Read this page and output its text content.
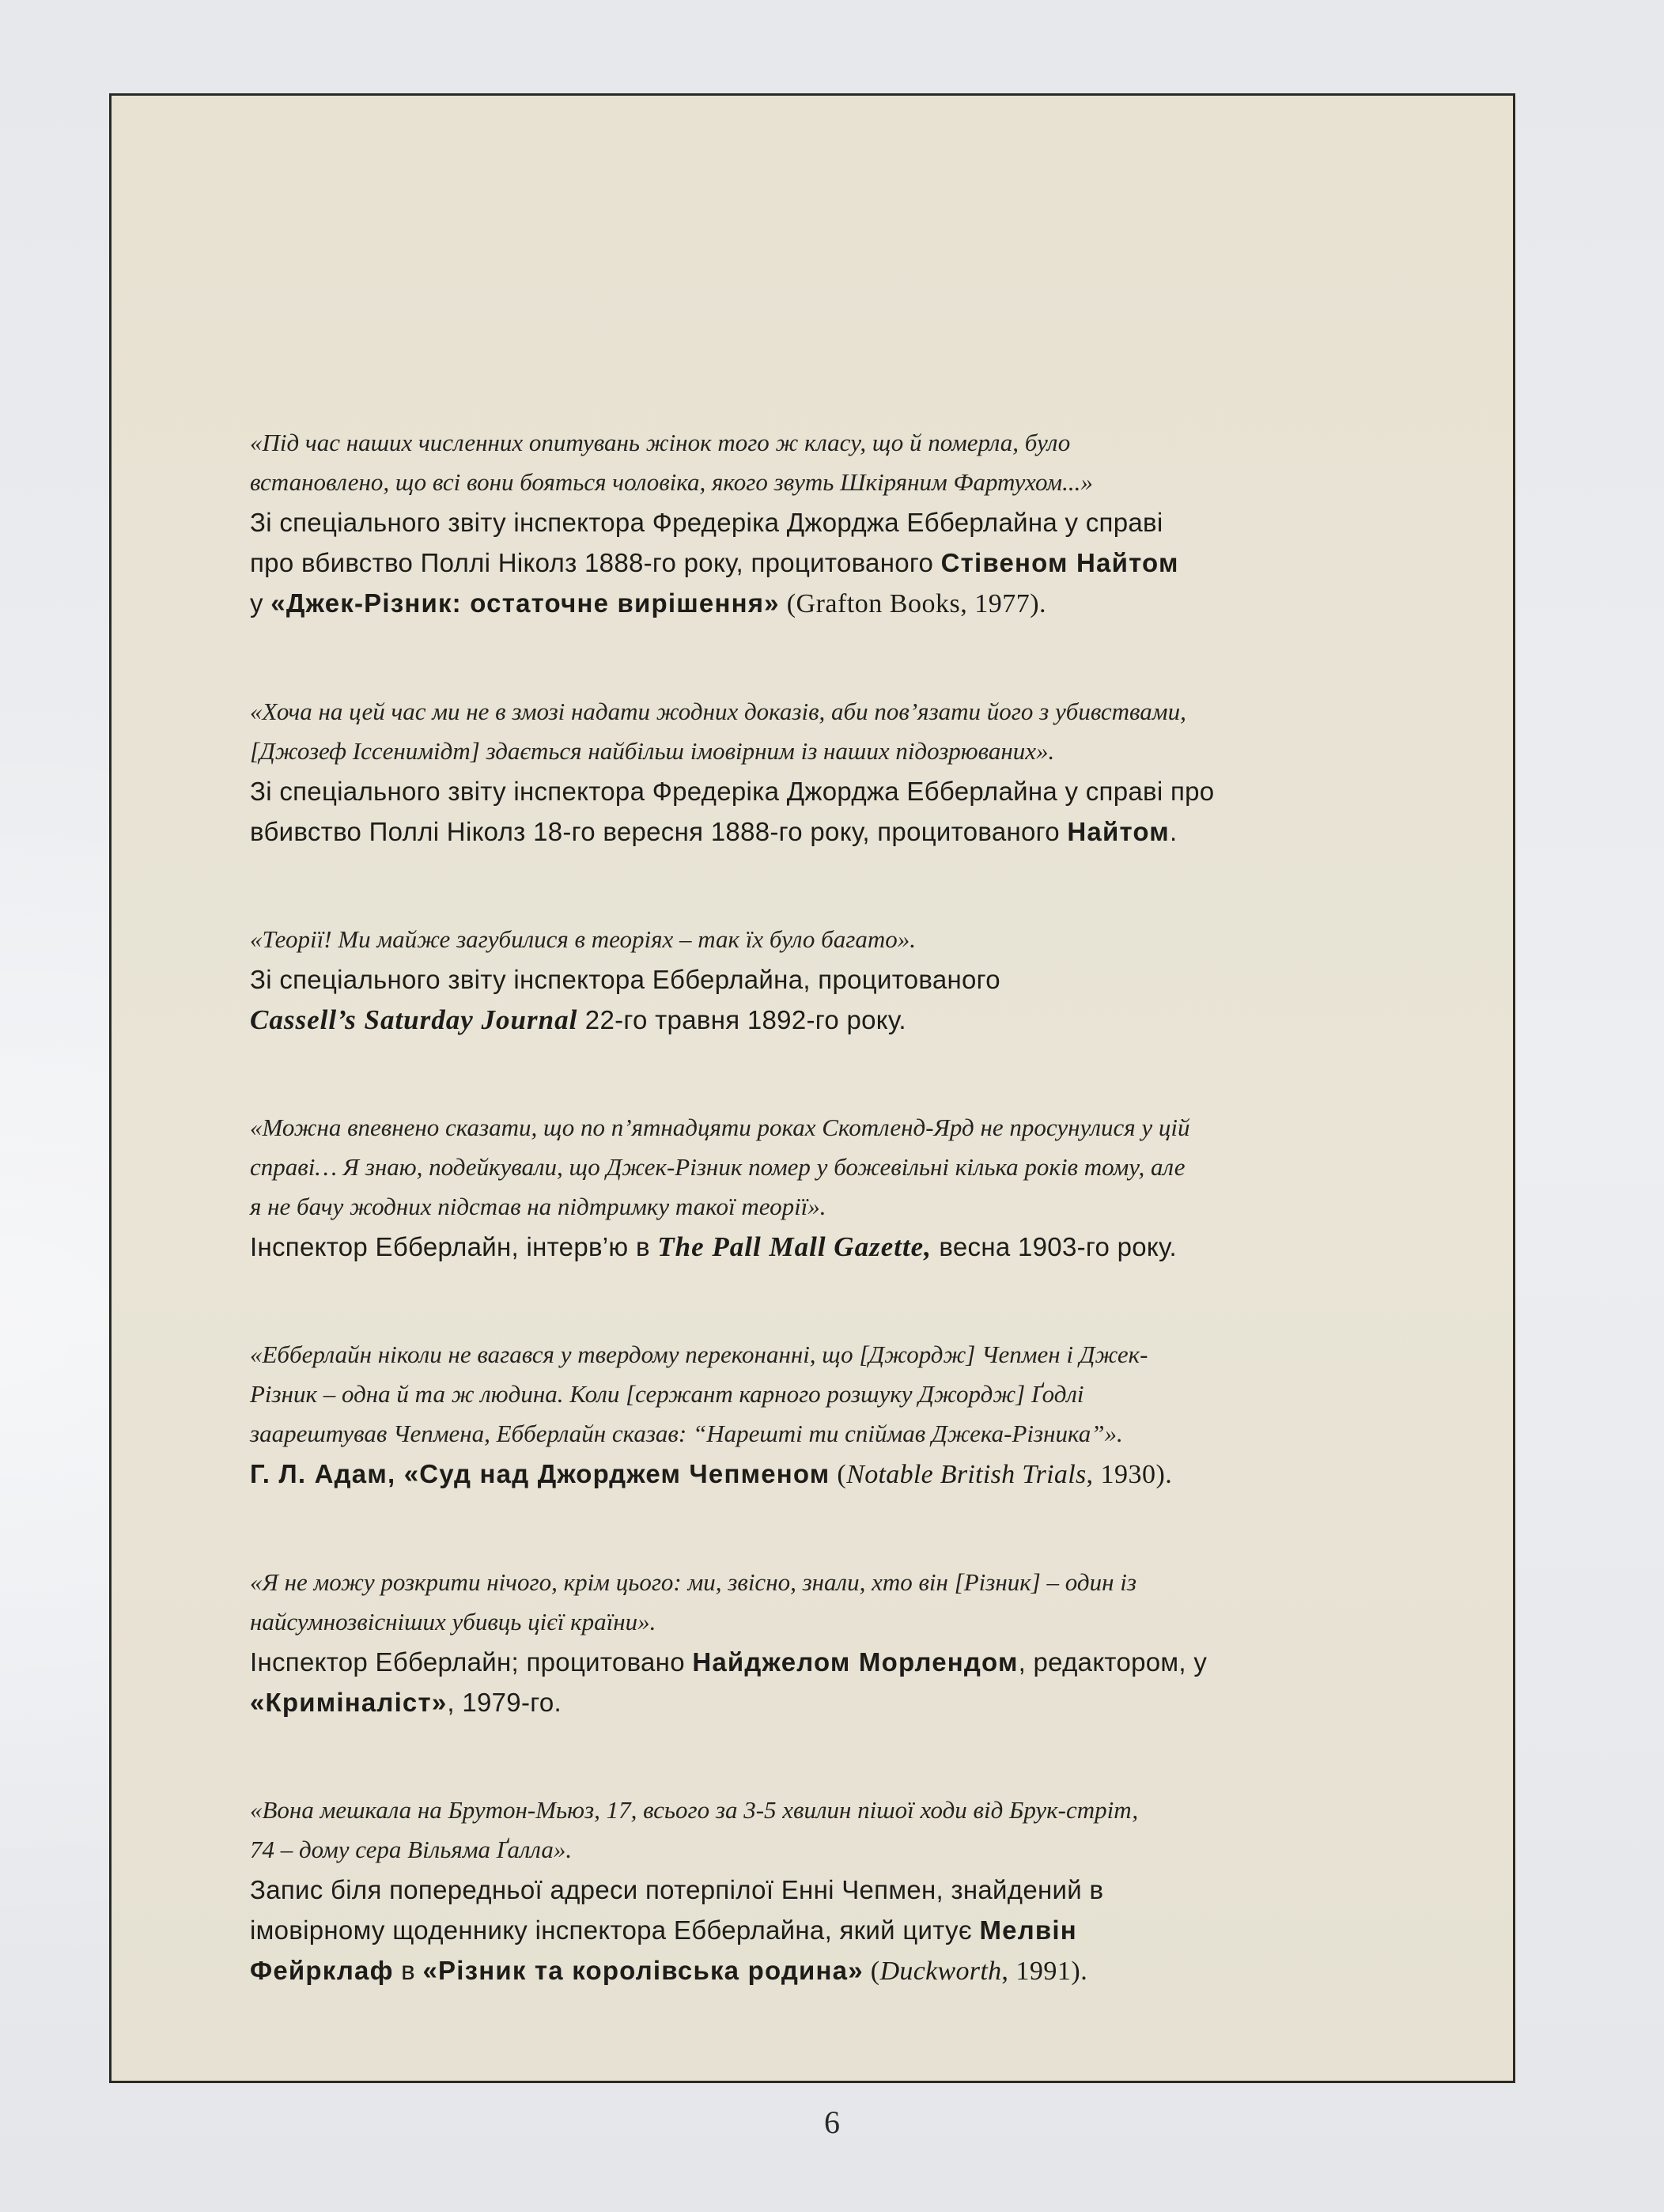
«Під час наших численних опитувань жінок того ж класу, що й померла, було
встановлено, що всі вони бояться чоловіка, якого звуть Шкіряним Фартухом...»

Зі спеціального звіту інспектора Фредеріка Джорджа Ебберлайна у справі
про вбивство Поллі Ніколз 1888-го року, процитованого Стівеном Найтом
у «Джек-Різник: остаточне вирішення» (Grafton Books, 1977).

«Хоча на цей час ми не в змозі надати жодних доказів, аби пов’язати його з убивствами,
[Джозеф Ісcенимідт] здається найбільш імовірним із наших підозрюваних».

Зі спеціального звіту інспектора Фредеріка Джорджа Ебберлайна у справі про
вбивство Поллі Ніколз 18-го вересня 1888-го року, процитованого Найтом.

«Теорії! Ми майже загубилися в теоріях – так їх було багато».

Зі спеціального звіту інспектора Ебберлайна, процитованого
Cassell’s Saturday Journal 22-го травня 1892-го року.

«Можна впевнено сказати, що по п’ятнадцяти роках Скотленд-Ярд не просунулися у цій
справі… Я знаю, подейкували, що Джек-Різник помер у божевільні кілька років тому, але
я не бачу жодних підстав на підтримку такої теорії».

Інспектор Ебберлайн, інтерв’ю в The Pall Mall Gazette, весна 1903-го року.

«Ебберлайн ніколи не вагався у твердому переконанні, що [Джордж] Чепмен і Джек-
Різник – одна й та ж людина. Коли [сержант карного розшуку Джордж] Ґодлі
заарештував Чепмена, Ебберлайн сказав: “Нарешті ти спіймав Джека-Різника”».

Г. Л. Адам, «Суд над Джорджем Чепменом (Notable British Trials, 1930).

«Я не можу розкрити нічого, крім цього: ми, звісно, знали, хто він [Різник] – один із
найсумнозвісніших убивць цієї країни».

Інспектор Ебберлайн; процитовано Найджелом Морлендом, редактором, у
«Криміналіст», 1979-го.

«Вона мешкала на Брутон-Мьюз, 17, всього за 3-5 хвилин пішої ходи від Брук-стріт,
74 – дому сера Вільяма Ґалла».

Запис біля попередньої адреси потерпілої Енні Чепмен, знайдений в
імовірному щоденнику інспектора Ебберлайна, який цитує Мелвін
Фейрклаф в «Різник та королівська родина» (Duckworth, 1991).

6
